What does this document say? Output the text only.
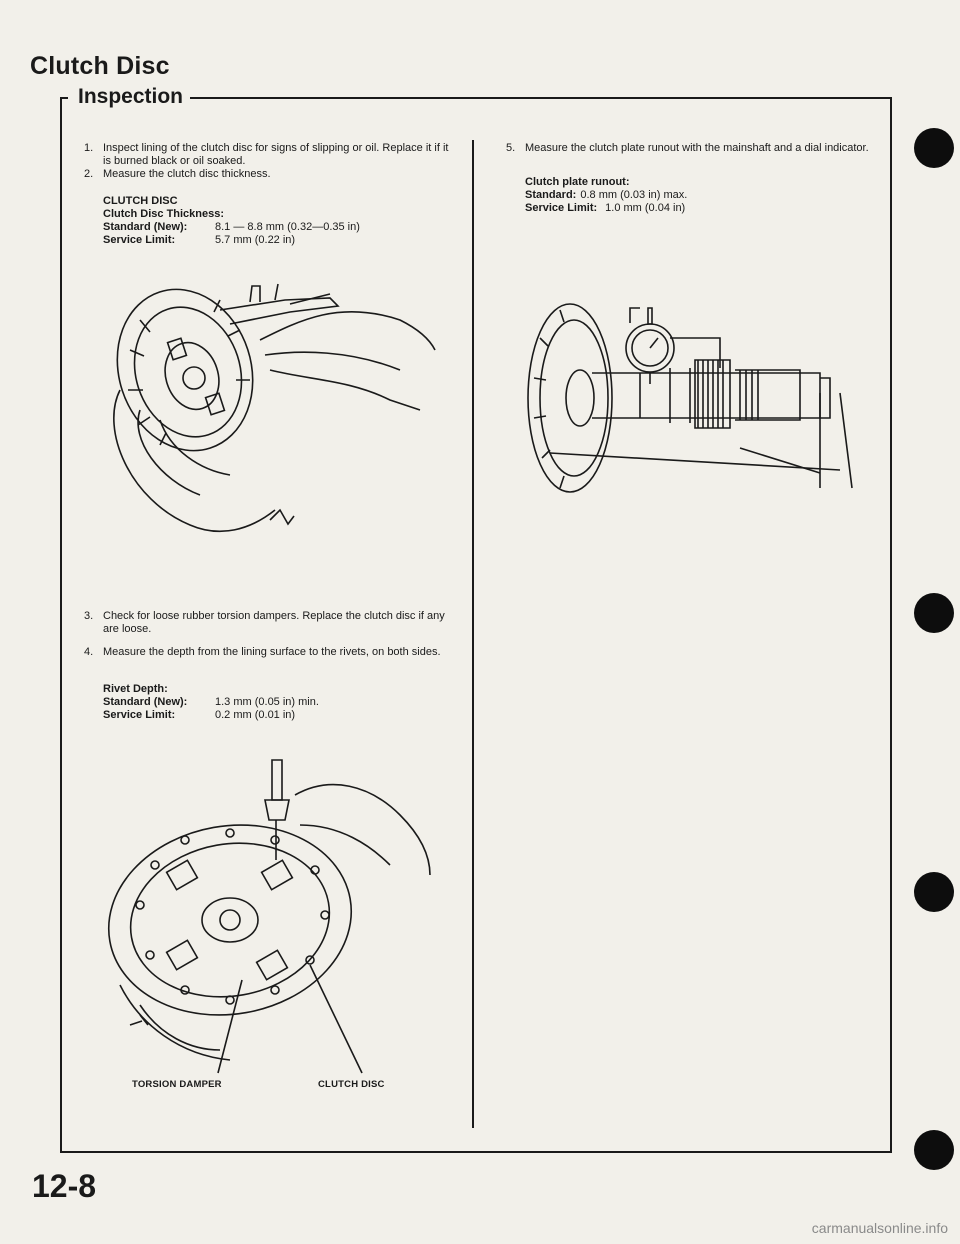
Clutch Disc
Inspection
1. Inspect lining of the clutch disc for signs of slipping or oil. Replace it if it is burned black or oil soaked.
2. Measure the clutch disc thickness.
CLUTCH DISC
Clutch Disc Thickness:
Standard (New):	8.1 — 8.8 mm (0.32—0.35 in)
Service Limit:	5.7 mm (0.22 in)
3. Check for loose rubber torsion dampers. Replace the clutch disc if any are loose.
4. Measure the depth from the lining surface to the rivets, on both sides.
Rivet Depth:
Standard (New):	1.3 mm (0.05 in) min.
Service Limit:	0.2 mm (0.01 in)
TORSION DAMPER	CLUTCH DISC
5. Measure the clutch plate runout with the mainshaft and a dial indicator.
Clutch plate runout:
Standard: 0.8 mm (0.03 in) max.
Service Limit: 1.0 mm (0.04 in)
12-8
carmanualsonline.info
